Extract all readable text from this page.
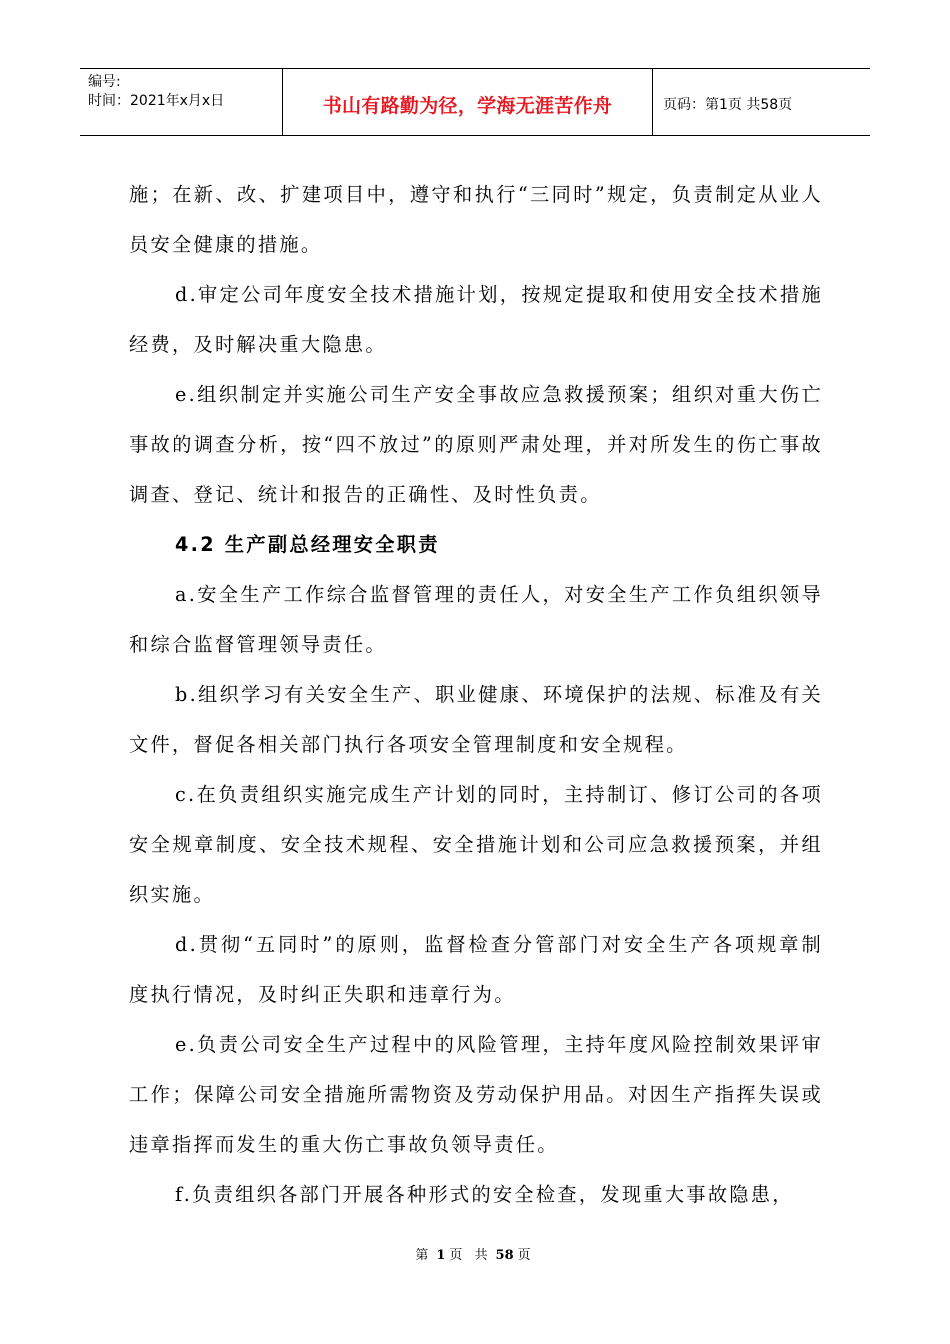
编号:
时间：2021年x月x日	书山有路勤为径，学海无涯苦作舟	页码：第1页 共58页

施；在新、改、扩建项目中，遵守和执行“三同时”规定，负责制定从业人员安全健康的措施。

d.审定公司年度安全技术措施计划，按规定提取和使用安全技术措施经费，及时解决重大隐患。

e.组织制定并实施公司生产安全事故应急救援预案；组织对重大伤亡事故的调查分析，按“四不放过”的原则严肃处理，并对所发生的伤亡事故调查、登记、统计和报告的正确性、及时性负责。

4.2 生产副总经理安全职责

a.安全生产工作综合监督管理的责任人，对安全生产工作负组织领导和综合监督管理领导责任。

b.组织学习有关安全生产、职业健康、环境保护的法规、标准及有关文件，督促各相关部门执行各项安全管理制度和安全规程。

c.在负责组织实施完成生产计划的同时，主持制订、修订公司的各项安全规章制度、安全技术规程、安全措施计划和公司应急救援预案，并组织实施。

d.贯彻“五同时”的原则，监督检查分管部门对安全生产各项规章制度执行情况，及时纠正失职和违章行为。

e.负责公司安全生产过程中的风险管理，主持年度风险控制效果评审工作；保障公司安全措施所需物资及劳动保护用品。对因生产指挥失误或违章指挥而发生的重大伤亡事故负领导责任。

f.负责组织各部门开展各种形式的安全检查，发现重大事故隐患，

第 1 页 共 58 页
